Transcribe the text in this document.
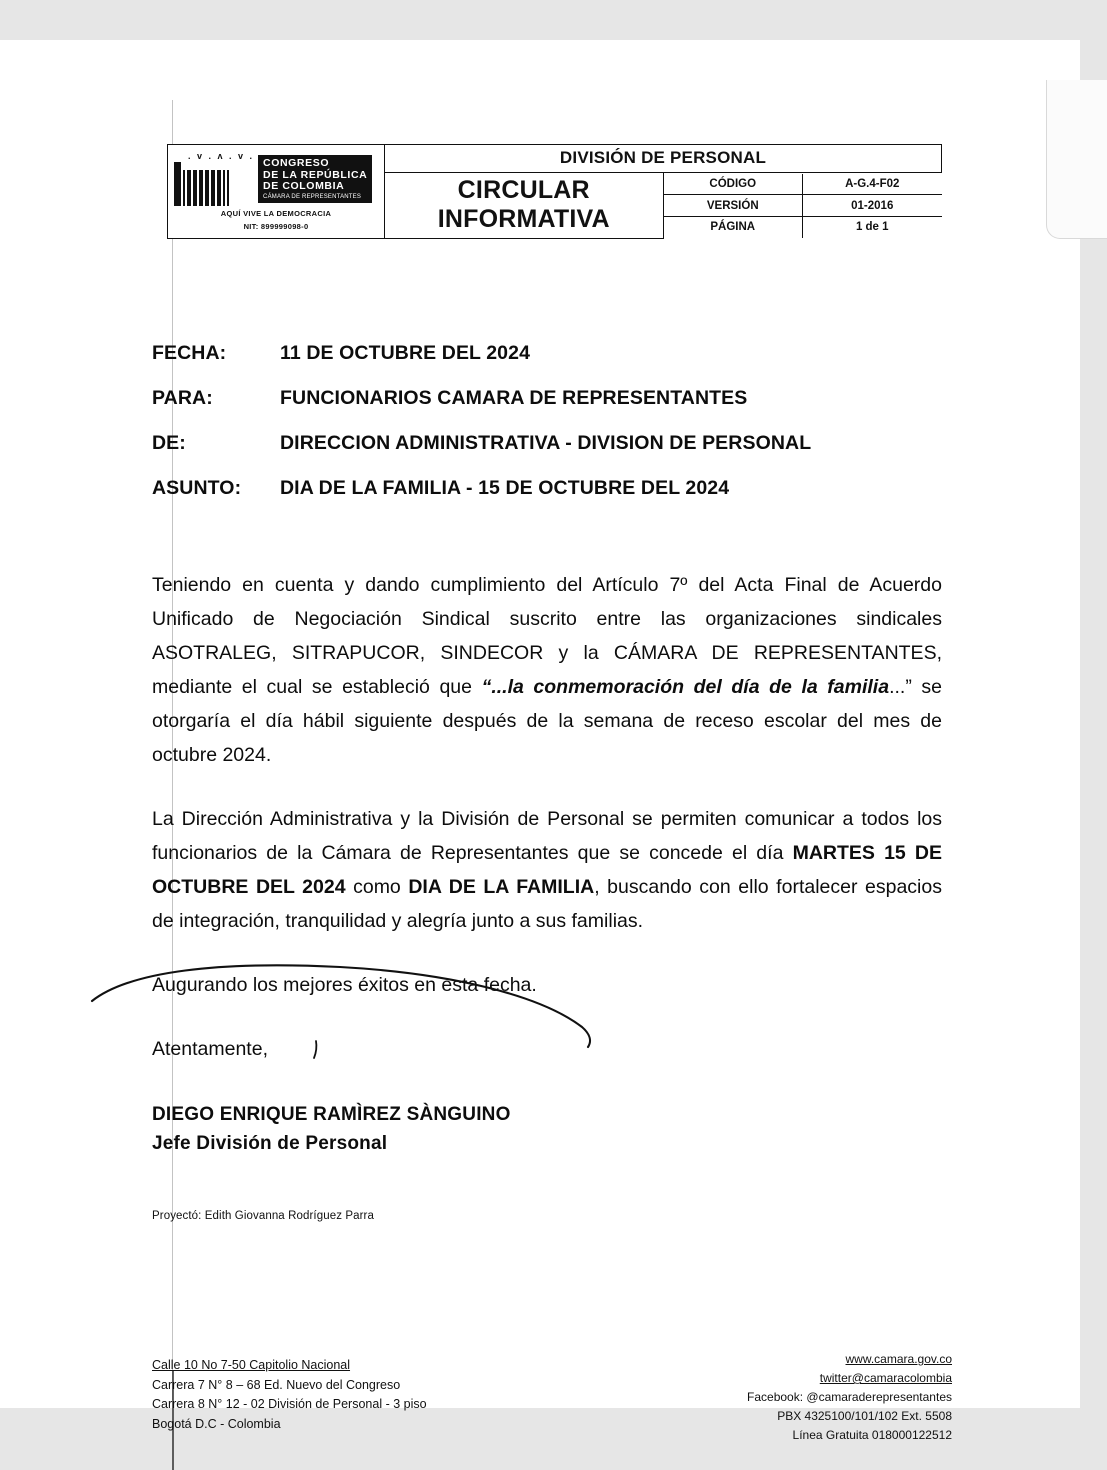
. v . ʌ . v .
CONGRESO
DE LA REPÚBLICA
DE COLOMBIA
CÁMARA DE REPRESENTANTES
AQUÍ VIVE LA DEMOCRACIA
NIT: 899999098-0
	DIVISIÓN DE PERSONAL
CIRCULAR INFORMATIVA	
CÓDIGO	A-G.4-F02
VERSIÓN	01-2016
PÁGINA	1 de 1
FECHA:	11 DE OCTUBRE DEL 2024
PARA:	FUNCIONARIOS CAMARA DE REPRESENTANTES
DE:	DIRECCION ADMINISTRATIVA - DIVISION DE PERSONAL
ASUNTO:	DIA DE LA FAMILIA - 15 DE OCTUBRE DEL 2024

Teniendo en cuenta y dando cumplimiento del Artículo 7º del Acta Final de Acuerdo Unificado de Negociación Sindical suscrito entre las organizaciones sindicales ASOTRALEG, SITRAPUCOR, SINDECOR y la CÁMARA DE REPRESENTANTES, mediante el cual se estableció que “...la conmemoración del día de la familia...” se otorgaría el día hábil siguiente después de la semana de receso escolar del mes de octubre 2024.

La Dirección Administrativa y la División de Personal se permiten comunicar a todos los funcionarios de la Cámara de Representantes que se concede el día MARTES 15 DE OCTUBRE DEL 2024 como DIA DE LA FAMILIA, buscando con ello fortalecer espacios de integración, tranquilidad y alegría junto a sus familias.

Augurando los mejores éxitos en esta fecha.

Atentamente,

DIEGO ENRIQUE RAMÌREZ SÀNGUINO
Jefe División de Personal
Proyectó: Edith Giovanna Rodríguez Parra
Calle 10 No 7-50 Capitolio Nacional
Carrera 7 N° 8 – 68 Ed. Nuevo del Congreso
Carrera 8 N° 12 - 02 División de Personal - 3 piso
Bogotá D.C - Colombia
www.camara.gov.co
twitter@camaracolombia
Facebook: @camaraderepresentantes
PBX 4325100/101/102 Ext. 5508
Línea Gratuita 018000122512
